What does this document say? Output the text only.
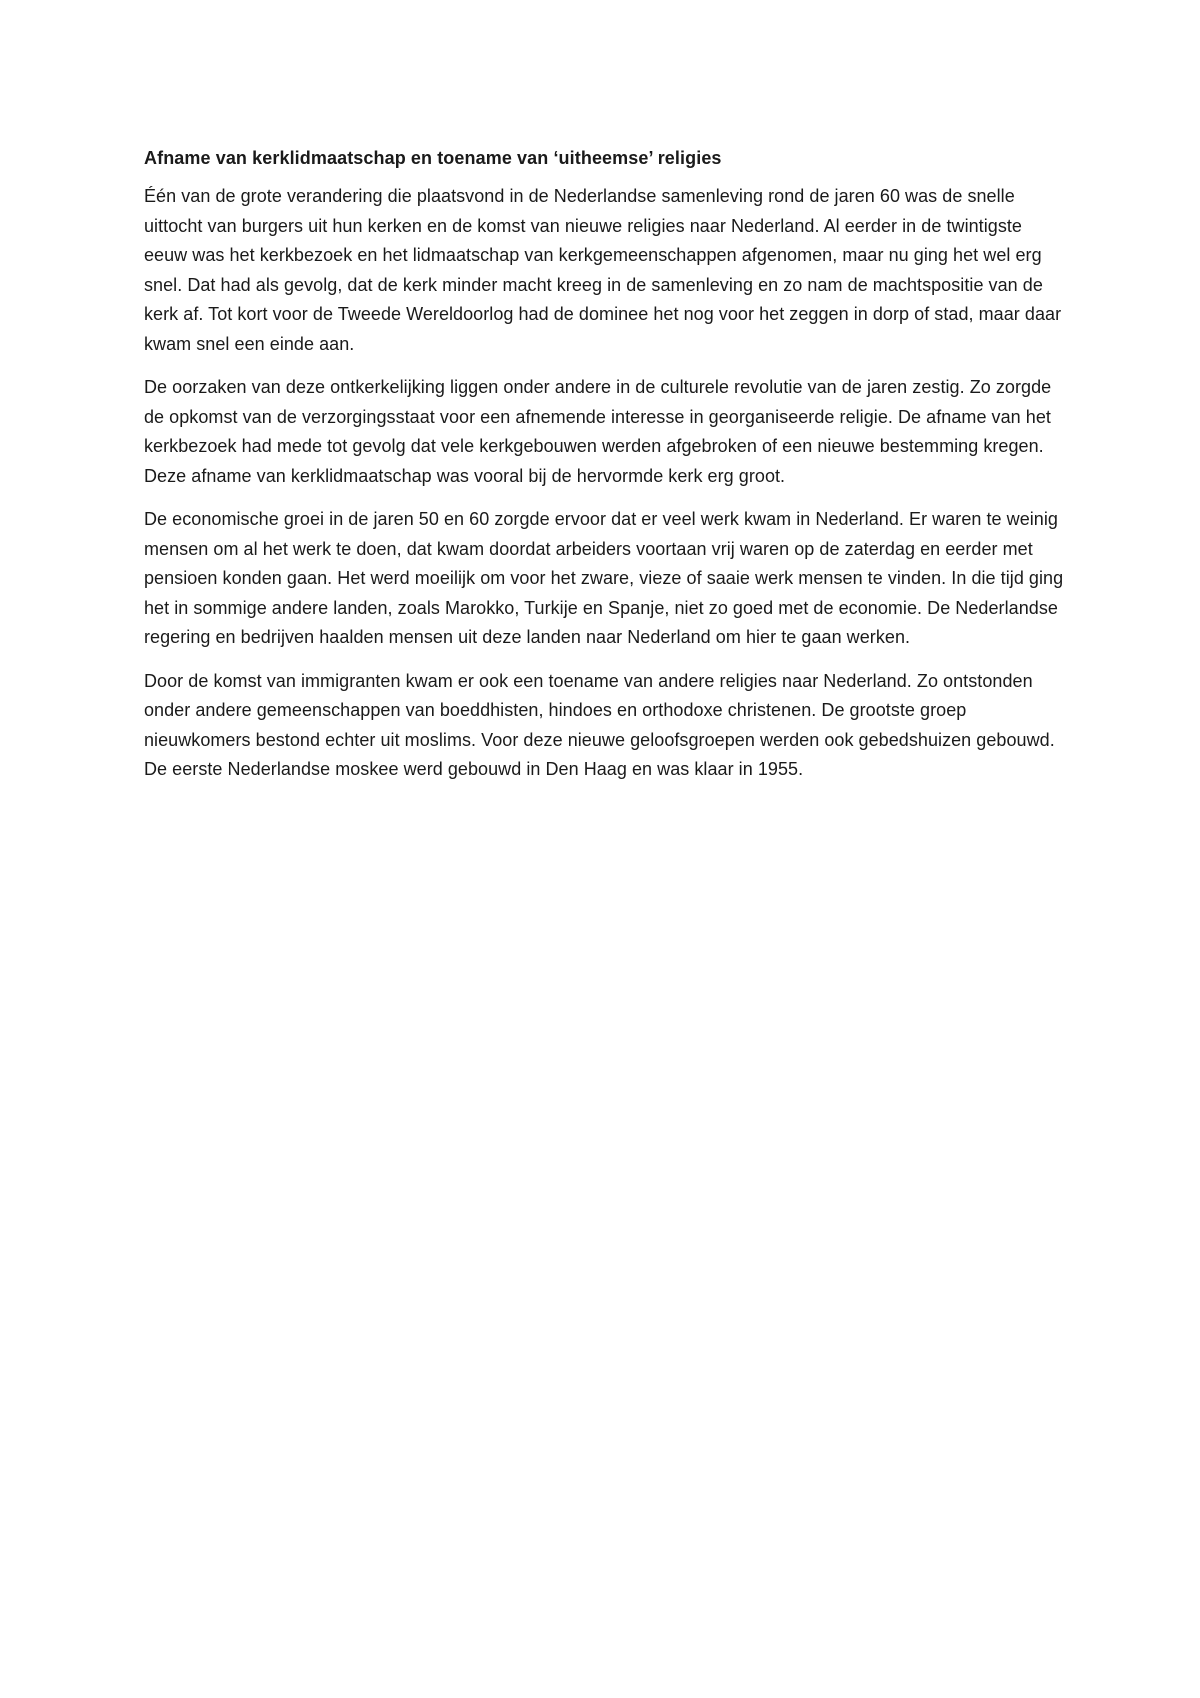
Afname van kerklidmaatschap en toename van ‘uitheemse’ religies

Één van de grote verandering die plaatsvond in de Nederlandse samenleving rond de jaren 60 was de snelle uittocht van burgers uit hun kerken en de komst van nieuwe religies naar Nederland. Al eerder in de twintigste eeuw was het kerkbezoek en het lidmaatschap van kerkgemeenschappen afgenomen, maar nu ging het wel erg snel. Dat had als gevolg, dat de kerk minder macht kreeg in de samenleving en zo nam de machtspositie van de kerk af. Tot kort voor de Tweede Wereldoorlog had de dominee het nog voor het zeggen in dorp of stad, maar daar kwam snel een einde aan.

De oorzaken van deze ontkerkelijking liggen onder andere in de culturele revolutie van de jaren zestig. Zo zorgde de opkomst van de verzorgingsstaat voor een afnemende interesse in georganiseerde religie. De afname van het kerkbezoek had mede tot gevolg dat vele kerkgebouwen werden afgebroken of een nieuwe bestemming kregen. Deze afname van kerklidmaatschap was vooral bij de hervormde kerk erg groot.

De economische groei in de jaren 50 en 60 zorgde ervoor dat er veel werk kwam in Nederland. Er waren te weinig mensen om al het werk te doen, dat kwam doordat arbeiders voortaan vrij waren op de zaterdag en eerder met pensioen konden gaan. Het werd moeilijk om voor het zware, vieze of saaie werk mensen te vinden. In die tijd ging het in sommige andere landen, zoals Marokko, Turkije en Spanje, niet zo goed met de economie. De Nederlandse regering en bedrijven haalden mensen uit deze landen naar Nederland om hier te gaan werken.

Door de komst van immigranten kwam er ook een toename van andere religies naar Nederland. Zo ontstonden onder andere gemeenschappen van boeddhisten, hindoes en orthodoxe christenen. De grootste groep nieuwkomers bestond echter uit moslims. Voor deze nieuwe geloofsgroepen werden ook gebedshuizen gebouwd. De eerste Nederlandse moskee werd gebouwd in Den Haag en was klaar in 1955.
